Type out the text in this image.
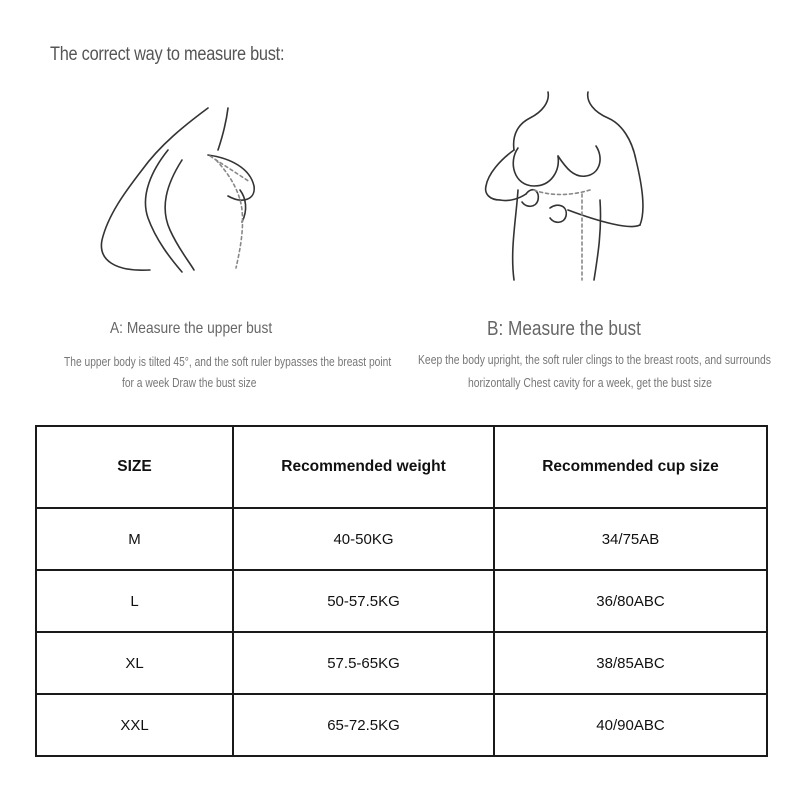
The correct way to measure bust:
A: Measure the upper bust
The upper body is tilted 45°, and the soft ruler bypasses the breast point
for a week Draw the bust size
B: Measure the bust
Keep the body upright, the soft ruler clings to the breast roots, and surrounds
horizontally Chest cavity for a week, get the bust size
SIZE	Recommended weight	Recommended cup size
M	40-50KG	34/75AB
L	50-57.5KG	36/80ABC
XL	57.5-65KG	38/85ABC
XXL	65-72.5KG	40/90ABC
